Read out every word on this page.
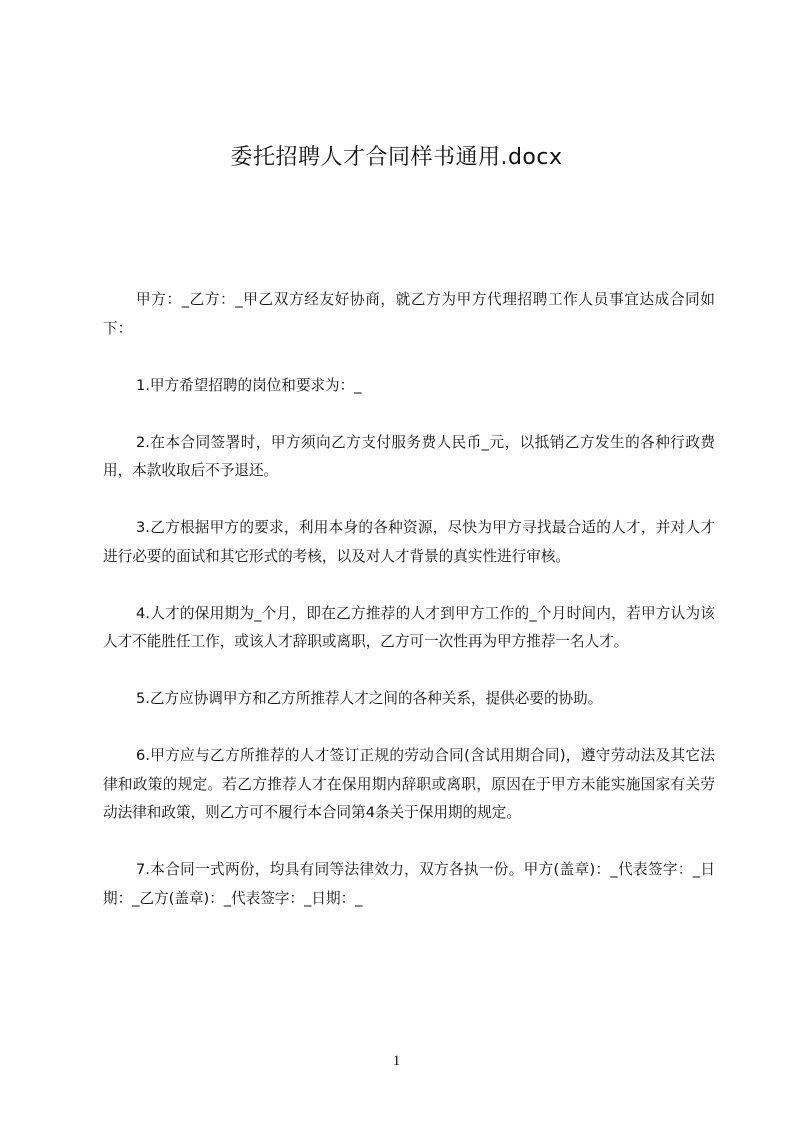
委托招聘人才合同样书通用.docx

甲方：_乙方：_甲乙双方经友好协商，就乙方为甲方代理招聘工作人员事宜达成合同如下：

1.甲方希望招聘的岗位和要求为：_

2.在本合同签署时，甲方须向乙方支付服务费人民币_元，以抵销乙方发生的各种行政费用，本款收取后不予退还。

3.乙方根据甲方的要求，利用本身的各种资源，尽快为甲方寻找最合适的人才，并对人才进行必要的面试和其它形式的考核，以及对人才背景的真实性进行审核。

4.人才的保用期为_个月，即在乙方推荐的人才到甲方工作的_个月时间内，若甲方认为该人才不能胜任工作，或该人才辞职或离职，乙方可一次性再为甲方推荐一名人才。

5.乙方应协调甲方和乙方所推荐人才之间的各种关系，提供必要的协助。

6.甲方应与乙方所推荐的人才签订正规的劳动合同(含试用期合同)，遵守劳动法及其它法律和政策的规定。若乙方推荐人才在保用期内辞职或离职，原因在于甲方未能实施国家有关劳动法律和政策，则乙方可不履行本合同第4条关于保用期的规定。

7.本合同一式两份，均具有同等法律效力，双方各执一份。甲方(盖章)：_代表签字：_日期：_乙方(盖章)：_代表签字：_日期：_

1
